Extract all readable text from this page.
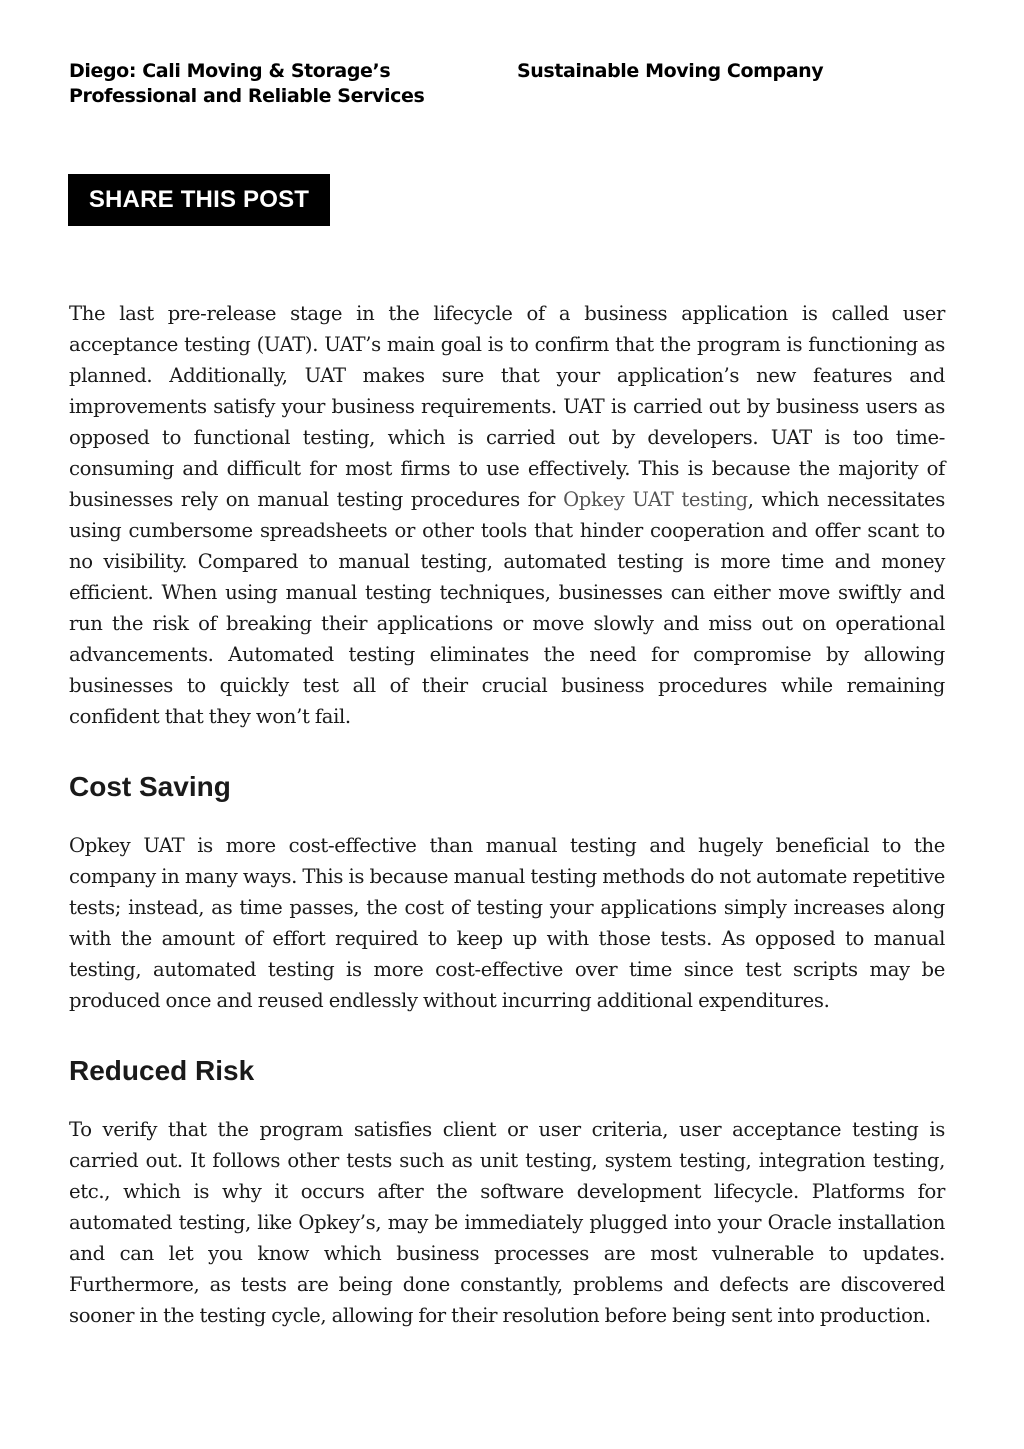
Diego: Cali Moving & Storage’s Professional and Reliable Services
Sustainable Moving Company
SHARE THIS POST

The last pre-release stage in the lifecycle of a business application is called user acceptance testing (UAT). UAT’s main goal is to confirm that the program is functioning as planned. Additionally, UAT makes sure that your application’s new features and improvements satisfy your business requirements. UAT is carried out by business users as opposed to functional testing, which is carried out by developers. UAT is too time-consuming and difficult for most firms to use effectively. This is because the majority of businesses rely on manual testing procedures for Opkey UAT testing, which necessitates using cumbersome spreadsheets or other tools that hinder cooperation and offer scant to no visibility. Compared to manual testing, automated testing is more time and money efficient. When using manual testing techniques, businesses can either move swiftly and run the risk of breaking their applications or move slowly and miss out on operational advancements. Automated testing eliminates the need for compromise by allowing businesses to quickly test all of their crucial business procedures while remaining confident that they won’t fail.

Cost Saving

Opkey UAT is more cost-effective than manual testing and hugely beneficial to the company in many ways. This is because manual testing methods do not automate repetitive tests; instead, as time passes, the cost of testing your applications simply increases along with the amount of effort required to keep up with those tests. As opposed to manual testing, automated testing is more cost-effective over time since test scripts may be produced once and reused endlessly without incurring additional expenditures.

Reduced Risk

To verify that the program satisfies client or user criteria, user acceptance testing is carried out. It follows other tests such as unit testing, system testing, integration testing, etc., which is why it occurs after the software development lifecycle. Platforms for automated testing, like Opkey’s, may be immediately plugged into your Oracle installation and can let you know which business processes are most vulnerable to updates. Furthermore, as tests are being done constantly, problems and defects are discovered sooner in the testing cycle, allowing for their resolution before being sent into production.
